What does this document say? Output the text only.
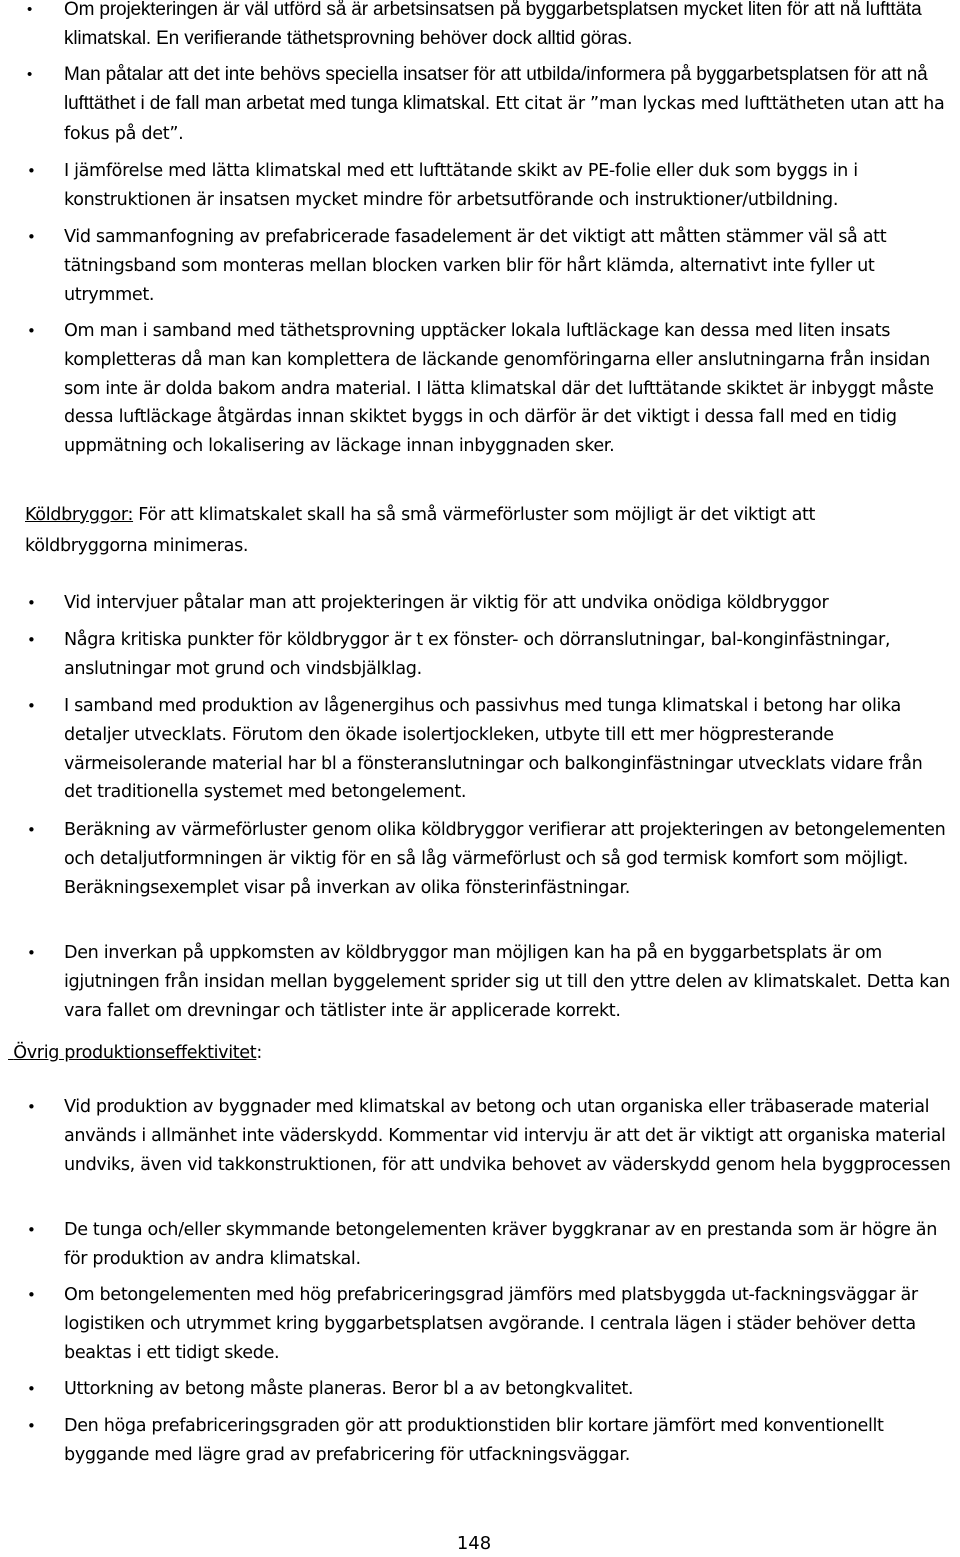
• Om projekteringen är väl utförd så är arbetsinsatsen på byggarbetsplatsen mycket liten för att nå lufttäta klimatskal. En verifierande täthetsprovning behöver dock alltid göras.
• Man påtalar att det inte behövs speciella insatser för att utbilda/informera på byggarbetsplatsen för att nå lufttäthet i de fall man arbetat med tunga klimatskal. Ett citat är ”man lyckas med lufttätheten utan att ha fokus på det”.
• I jämförelse med lätta klimatskal med ett lufttätande skikt av PE-folie eller duk som byggs in i konstruktionen är insatsen mycket mindre för arbetsutförande och instruktioner/utbildning.
• Vid sammanfogning av prefabricerade fasadelement är det viktigt att måtten stämmer väl så att tätningsband som monteras mellan blocken varken blir för hårt klämda, alternativt inte fyller ut utrymmet.
• Om man i samband med täthetsprovning upptäcker lokala luftläckage kan dessa med liten insats kompletteras då man kan komplettera de läckande genomföringarna eller anslutningarna från insidan som inte är dolda bakom andra material. I lätta klimatskal där det lufttätande skiktet är inbyggt måste dessa luftläckage åtgärdas innan skiktet byggs in och därför är det viktigt i dessa fall med en tidig uppmätning och lokalisering av läckage innan inbyggnaden sker.

Köldbryggor: För att klimatskalet skall ha så små värmeförluster som möjligt är det viktigt att köldbryggorna minimeras.

• Vid intervjuer påtalar man att projekteringen är viktig för att undvika onödiga köldbryggor
• Några kritiska punkter för köldbryggor är t ex fönster- och dörranslutningar, bal-konginfästningar, anslutningar mot grund och vindsbjälklag.
• I samband med produktion av lågenergihus och passivhus med tunga klimatskal i betong har olika detaljer utvecklats. Förutom den ökade isolertjockleken, utbyte till ett mer högpresterande värmeisolerande material har bl a fönsteranslutningar och balkonginfästningar utvecklats vidare från det traditionella systemet med betongelement.
• Beräkning av värmeförluster genom olika köldbryggor verifierar att projekteringen av betongelementen och detaljutformningen är viktig för en så låg värmeförlust och så god termisk komfort som möjligt. Beräkningsexemplet visar på inverkan av olika fönsterinfästningar.
• Den inverkan på uppkomsten av köldbryggor man möjligen kan ha på en byggarbetsplats är om igjutningen från insidan mellan byggelement sprider sig ut till den yttre delen av klimatskalet. Detta kan vara fallet om drevningar och tätlister inte är applicerade korrekt.

Övrig produktionseffektivitet:

• Vid produktion av byggnader med klimatskal av betong och utan organiska eller träbaserade material används i allmänhet inte väderskydd. Kommentar vid intervju är att det är viktigt att organiska material undviks, även vid takkonstruktionen, för att undvika behovet av väderskydd genom hela byggprocessen
• De tunga och/eller skymmande betongelementen kräver byggkranar av en prestanda som är högre än för produktion av andra klimatskal.
• Om betongelementen med hög prefabriceringsgrad jämförs med platsbyggda ut-fackningsväggar är logistiken och utrymmet kring byggarbetsplatsen avgörande. I centrala lägen i städer behöver detta beaktas i ett tidigt skede.
• Uttorkning av betong måste planeras. Beror bl a av betongkvalitet.
• Den höga prefabriceringsgraden gör att produktionstiden blir kortare jämfört med konventionellt byggande med lägre grad av prefabricering för utfackningsväggar.
148
